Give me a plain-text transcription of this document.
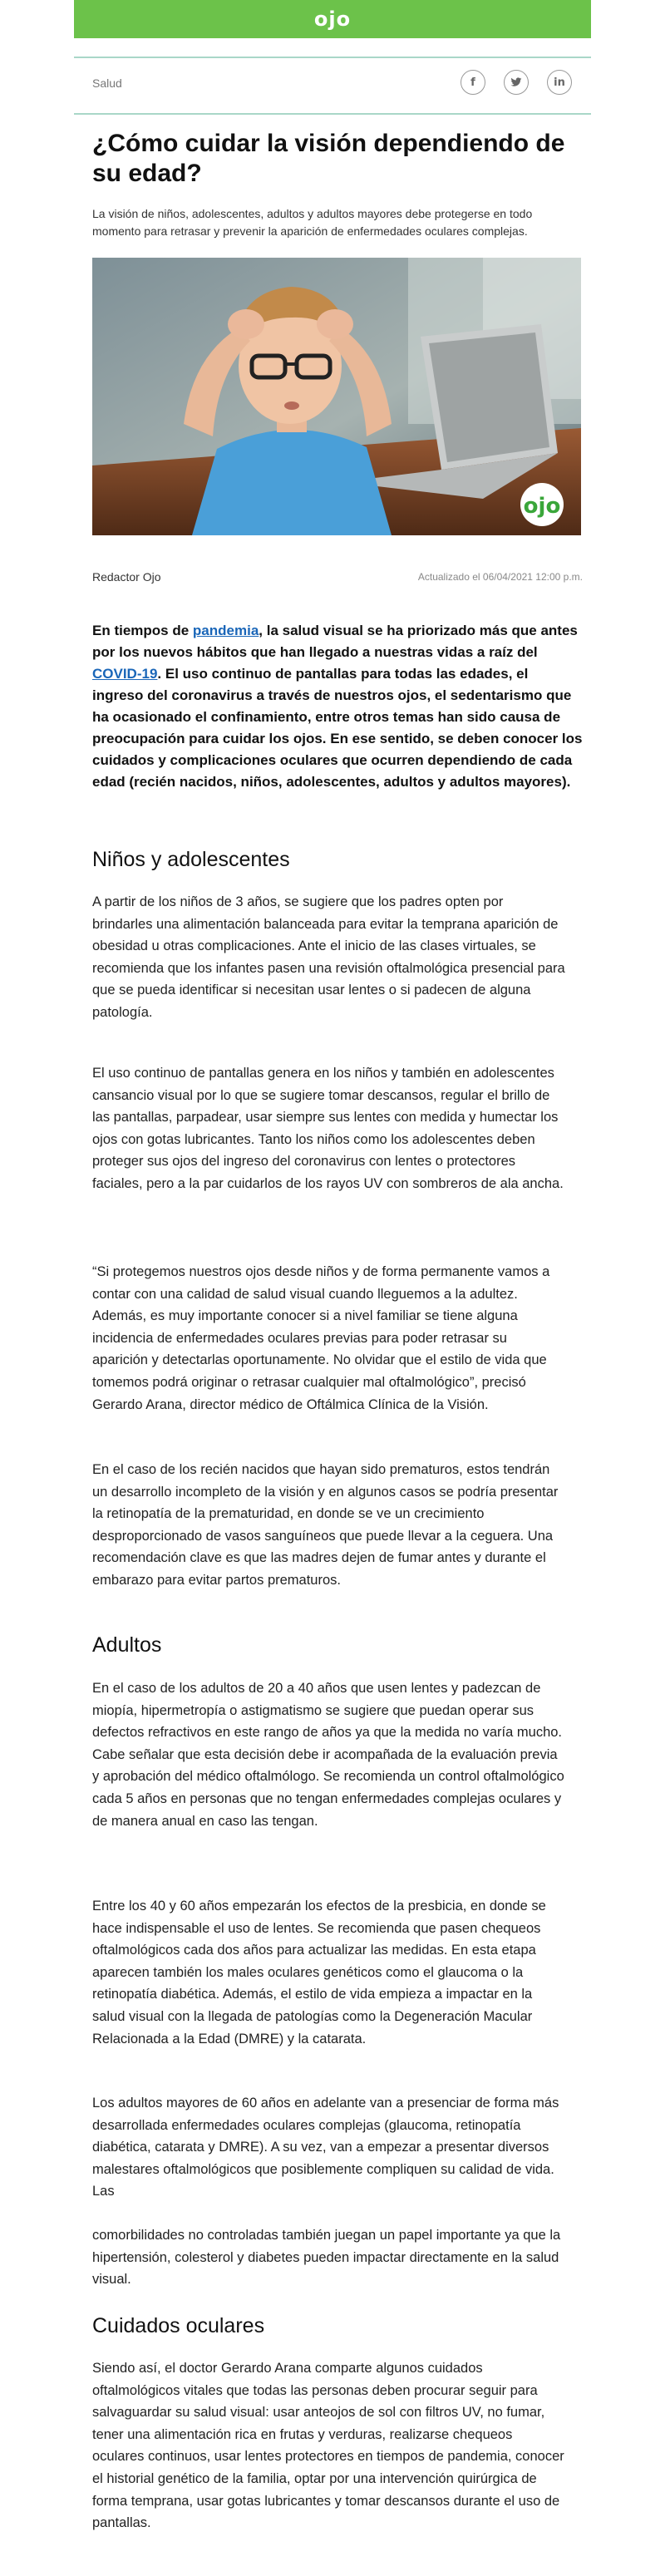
ojo
Salud	f	in
¿Cómo cuidar la visión dependiendo de su edad?

La visión de niños, adolescentes, adultos y adultos mayores debe protegerse en todo momento para retrasar y prevenir la aparición de enfermedades oculares complejas.

ojo
Redactor Ojo	Actualizado el 06/04/2021 12:00 p.m.

En tiempos de pandemia, la salud visual se ha priorizado más que antes por los nuevos hábitos que han llegado a nuestras vidas a raíz del COVID-19. El uso continuo de pantallas para todas las edades, el ingreso del coronavirus a través de nuestros ojos, el sedentarismo que ha ocasionado el confinamiento, entre otros temas han sido causa de preocupación para cuidar los ojos. En ese sentido, se deben conocer los cuidados y complicaciones oculares que ocurren dependiendo de cada edad (recién nacidos, niños, adolescentes, adultos y adultos mayores).

Niños y adolescentes

A partir de los niños de 3 años, se sugiere que los padres opten por brindarles una alimentación balanceada para evitar la temprana aparición de obesidad u otras complicaciones. Ante el inicio de las clases virtuales, se recomienda que los infantes pasen una revisión oftalmológica presencial para que se pueda identificar si necesitan usar lentes o si padecen de alguna patología.

El uso continuo de pantallas genera en los niños y también en adolescentes cansancio visual por lo que se sugiere tomar descansos, regular el brillo de las pantallas, parpadear, usar siempre sus lentes con medida y humectar los ojos con gotas lubricantes. Tanto los niños como los adolescentes deben proteger sus ojos del ingreso del coronavirus con lentes o protectores faciales, pero a la par cuidarlos de los rayos UV con sombreros de ala ancha.

“Si protegemos nuestros ojos desde niños y de forma permanente vamos a contar con una calidad de salud visual cuando lleguemos a la adultez. Además, es muy importante conocer si a nivel familiar se tiene alguna incidencia de enfermedades oculares previas para poder retrasar su aparición y detectarlas oportunamente. No olvidar que el estilo de vida que tomemos podrá originar o retrasar cualquier mal oftalmológico”, precisó Gerardo Arana, director médico de Oftálmica Clínica de la Visión.

En el caso de los recién nacidos que hayan sido prematuros, estos tendrán un desarrollo incompleto de la visión y en algunos casos se podría presentar la retinopatía de la prematuridad, en donde se ve un crecimiento desproporcionado de vasos sanguíneos que puede llevar a la ceguera. Una recomendación clave es que las madres dejen de fumar antes y durante el embarazo para evitar partos prematuros.

Adultos

En el caso de los adultos de 20 a 40 años que usen lentes y padezcan de miopía, hipermetropía o astigmatismo se sugiere que puedan operar sus defectos refractivos en este rango de años ya que la medida no varía mucho. Cabe señalar que esta decisión debe ir acompañada de la evaluación previa y aprobación del médico oftalmólogo. Se recomienda un control oftalmológico cada 5 años en personas que no tengan enfermedades complejas oculares y de manera anual en caso las tengan.

Entre los 40 y 60 años empezarán los efectos de la presbicia, en donde se hace indispensable el uso de lentes. Se recomienda que pasen chequeos oftalmológicos cada dos años para actualizar las medidas. En esta etapa aparecen también los males oculares genéticos como el glaucoma o la retinopatía diabética. Además, el estilo de vida empieza a impactar en la salud visual con la llegada de patologías como la Degeneración Macular Relacionada a la Edad (DMRE) y la catarata.

Los adultos mayores de 60 años en adelante van a presenciar de forma más desarrollada enfermedades oculares complejas (glaucoma, retinopatía diabética, catarata y DMRE). A su vez, van a empezar a presentar diversos malestares oftalmológicos que posiblemente compliquen su calidad de vida. Las

comorbilidades no controladas también juegan un papel importante ya que la hipertensión, colesterol y diabetes pueden impactar directamente en la salud visual.

Cuidados oculares

Siendo así, el doctor Gerardo Arana comparte algunos cuidados oftalmológicos vitales que todas las personas deben procurar seguir para salvaguardar su salud visual: usar anteojos de sol con filtros UV, no fumar, tener una alimentación rica en frutas y verduras, realizarse chequeos oculares continuos, usar lentes protectores en tiempos de pandemia, conocer el historial genético de la familia, optar por una intervención quirúrgica de forma temprana, usar gotas lubricantes y tomar descansos durante el uso de pantallas.
